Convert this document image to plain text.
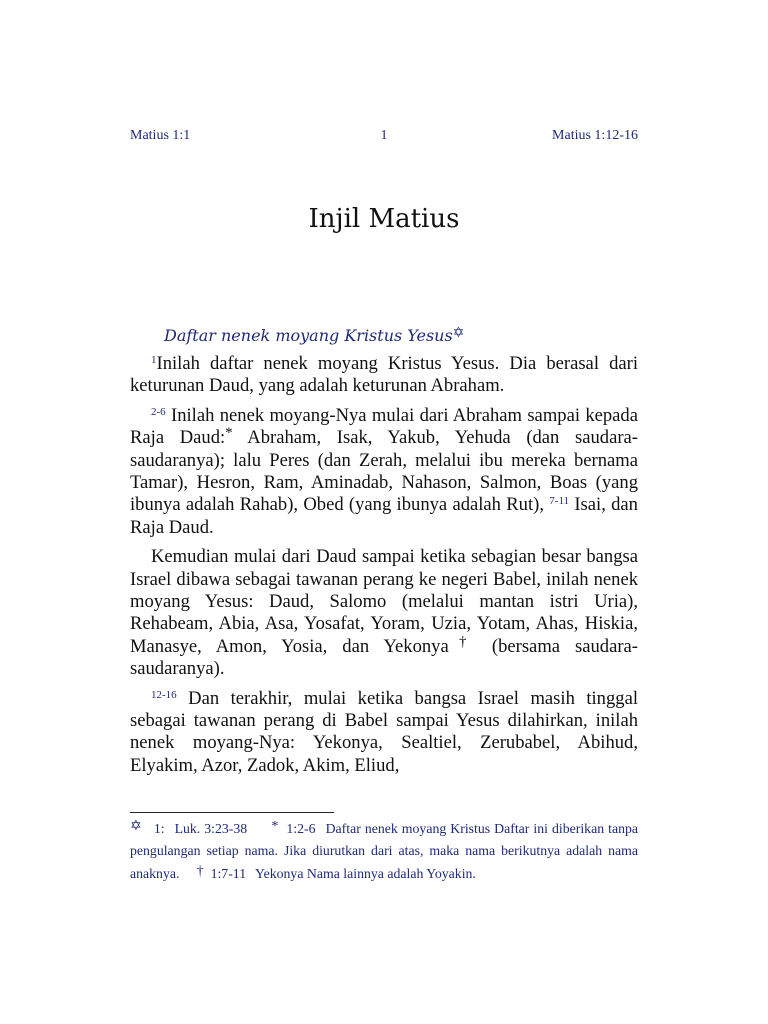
Matius 1:1	1	Matius 1:12-16
Injil Matius
Daftar nenek moyang Kristus Yesus✡

$^1$Inilah daftar nenek moyang Kristus Yesus. Dia berasal dari keturunan Daud, yang adalah keturunan Abraham.

$^{2-6}$ Inilah nenek moyang-Nya mulai dari Abraham sampai kepada Raja Daud:* Abraham, Isak, Yakub, Yehuda (dan saudara-saudaranya); lalu Peres (dan Zerah, melalui ibu mereka bernama Tamar), Hesron, Ram, Aminadab, Nahason, Salmon, Boas (yang ibunya adalah Rahab), Obed (yang ibunya adalah Rut), $^{7-11}$ Isai, dan Raja Daud.

Kemudian mulai dari Daud sampai ketika sebagian besar bangsa Israel dibawa sebagai tawanan perang ke negeri Babel, inilah nenek moyang Yesus: Daud, Salomo (melalui mantan istri Uria), Rehabeam, Abia, Asa, Yosafat, Yoram, Uzia, Yotam, Ahas, Hiskia, Manasye, Amon, Yosia, dan Yekonya† (bersama saudara-saudaranya).

$^{12-16}$ Dan terakhir, mulai ketika bangsa Israel masih tinggal sebagai tawanan perang di Babel sampai Yesus dilahirkan, inilah nenek moyang-Nya: Yekonya, Sealtiel, Zerubabel, Abihud, Elyakim, Azor, Zadok, Akim, Eliud,

✡ 1: Luk. 3:23-38 * 1:2-6 Daftar nenek moyang Kristus Daftar ini diberikan tanpa pengulangan setiap nama. Jika diurutkan dari atas, maka nama berikutnya adalah nama anaknya. † 1:7-11 Yekonya Nama lainnya adalah Yoyakin.
